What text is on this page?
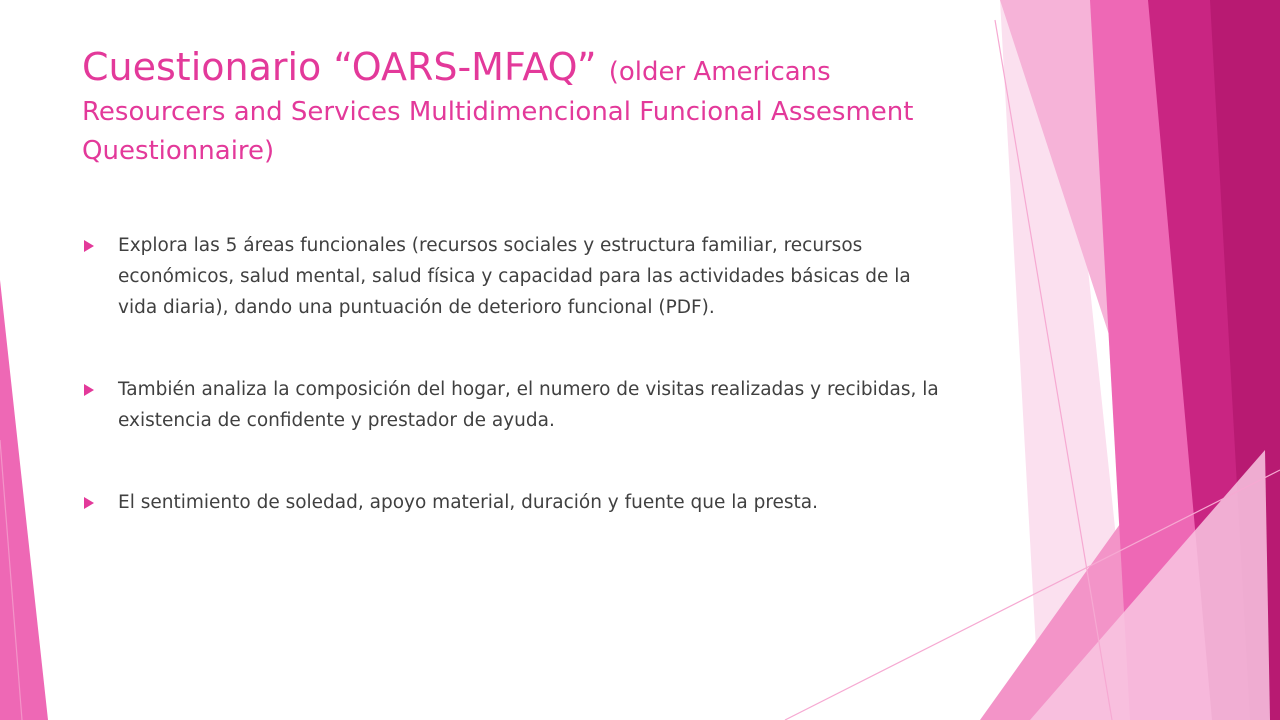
Cuestionario “OARS-MFAQ” (older Americans Resourcers and Services Multidimencional Funcional Assesment Questionnaire)
Explora las 5 áreas funcionales (recursos sociales y estructura familiar, recursos económicos, salud mental, salud física y capacidad para las actividades básicas de la vida diaria), dando una puntuación de deterioro funcional (PDF).
También analiza la composición del hogar, el numero de visitas realizadas y recibidas, la existencia de confidente y prestador de ayuda.
El sentimiento de soledad, apoyo material, duración y fuente que la presta.
